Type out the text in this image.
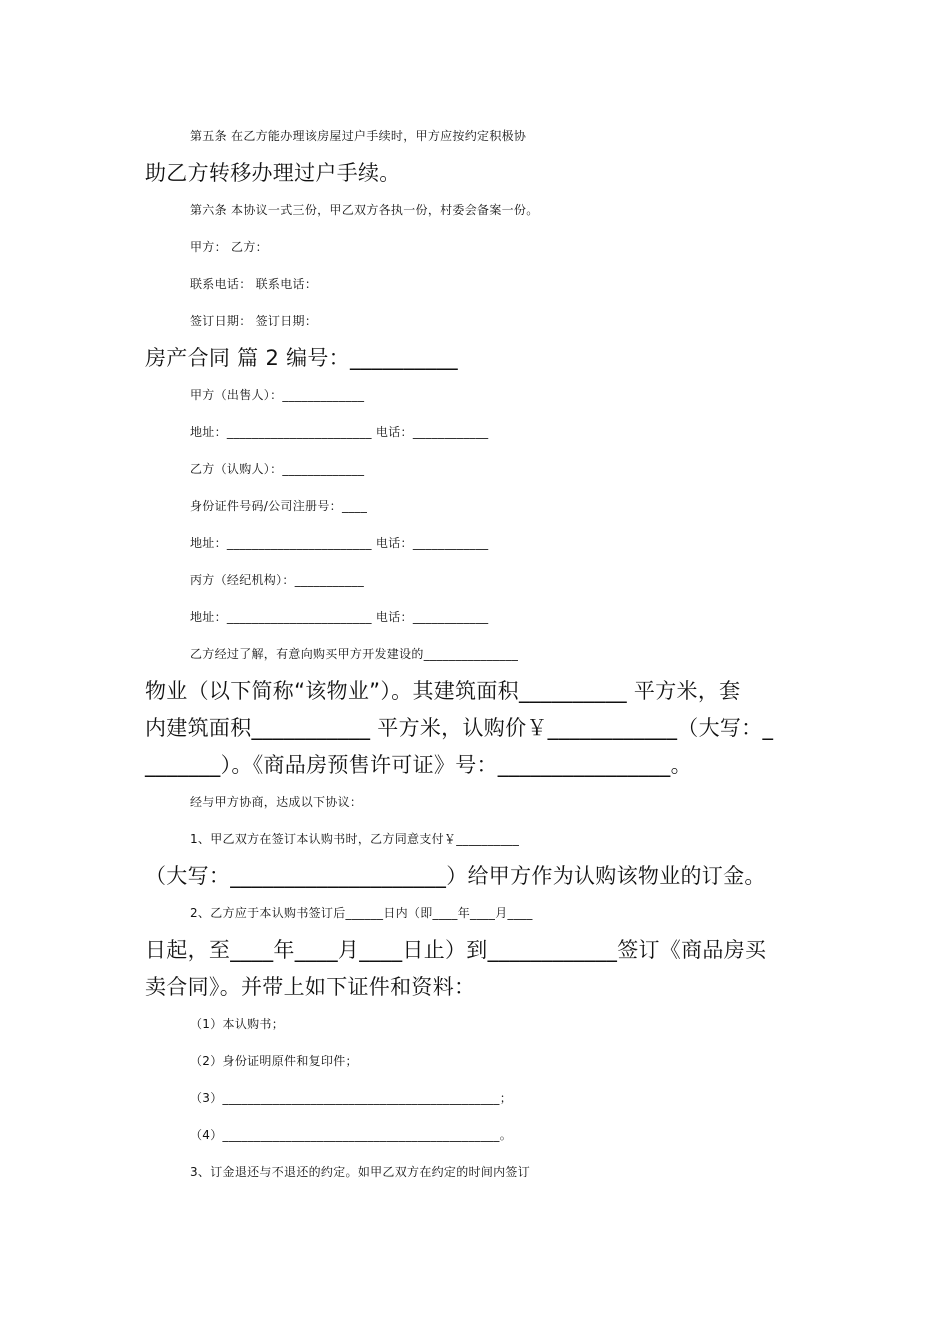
第五条 在乙方能办理该房屋过户手续时，甲方应按约定积极协
助乙方转移办理过户手续。
第六条 本协议一式三份，甲乙双方各执一份，村委会备案一份。
甲方： 乙方：
联系电话： 联系电话：
签订日期： 签订日期：
房产合同 篇 2 编号：__________
甲方（出售人）：_____________
地址：_______________________ 电话：____________
乙方（认购人）：_____________
身份证件号码/公司注册号：____
地址：_______________________ 电话：____________
丙方（经纪机构）：___________
地址：_______________________ 电话：____________
乙方经过了解，有意向购买甲方开发建设的_______________
物业（以下简称“该物业”）。其建筑面积__________ 平方米，套
内建筑面积___________ 平方米，认购价￥____________（大写：_
_______）。《商品房预售许可证》号：________________。
经与甲方协商，达成以下协议：
1、甲乙双方在签订本认购书时，乙方同意支付￥__________
（大写：____________________）给甲方作为认购该物业的订金。
2、乙方应于本认购书签订后______日内（即____年____月____
日起，至____年____月____日止）到____________签订《商品房买
卖合同》。并带上如下证件和资料：
（1）本认购书；
（2）身份证明原件和复印件；
（3）____________________________________________；
（4）____________________________________________。
3、订金退还与不退还的约定。如甲乙双方在约定的时间内签订
